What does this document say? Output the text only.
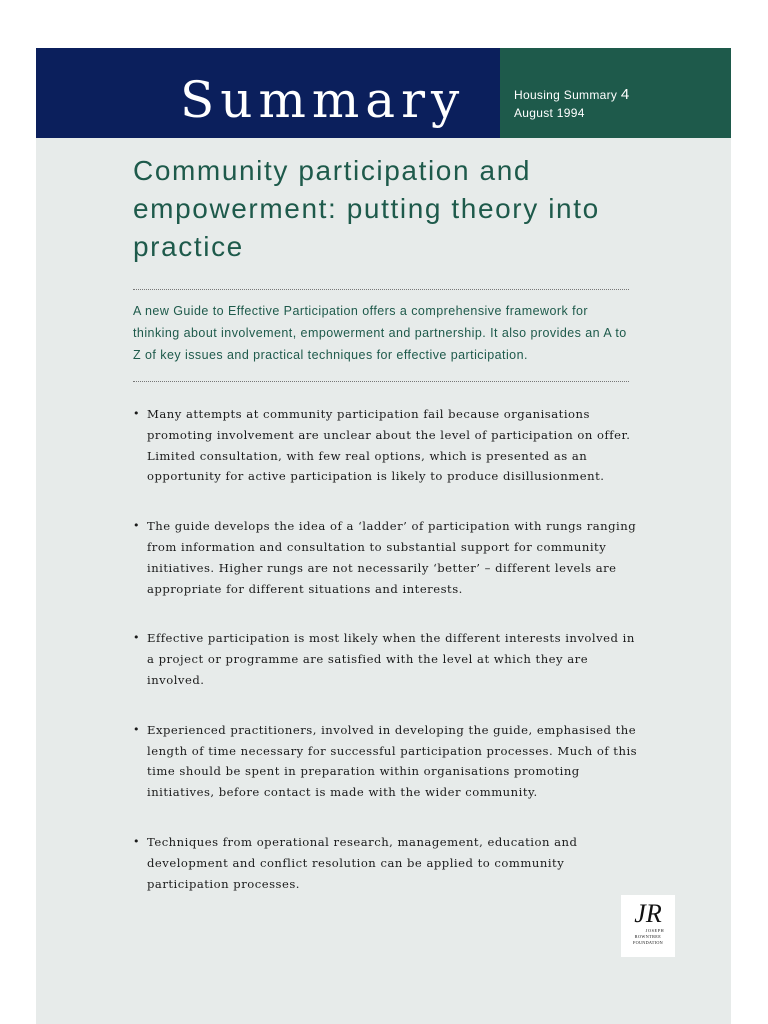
Summary	Housing Summary 4
August 1994
Community participation and empowerment: putting theory into practice

A new Guide to Effective Participation offers a comprehensive framework for thinking about involvement, empowerment and partnership. It also provides an A to Z of key issues and practical techniques for effective participation.

• Many attempts at community participation fail because organisations promoting involvement are unclear about the level of participation on offer. Limited consultation, with few real options, which is presented as an opportunity for active participation is likely to produce disillusionment.
• The guide develops the idea of a ‘ladder’ of participation with rungs ranging from information and consultation to substantial support for community initiatives. Higher rungs are not necessarily ‘better’ – different levels are appropriate for different situations and interests.
• Effective participation is most likely when the different interests involved in a project or programme are satisfied with the level at which they are involved.
• Experienced practitioners, involved in developing the guide, emphasised the length of time necessary for successful participation processes. Much of this time should be spent in preparation within organisations promoting initiatives, before contact is made with the wider community.
• Techniques from operational research, management, education and development and conflict resolution can be applied to community participation processes.
JR
JOSEPH
ROWNTREE
FOUNDATION
